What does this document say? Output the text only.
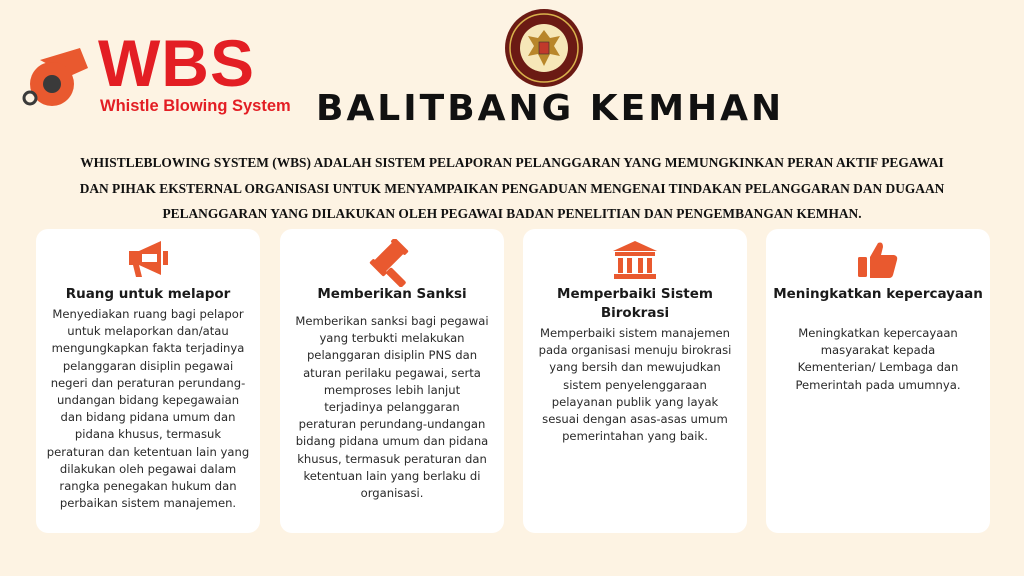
WBS
Whistle Blowing System BALITBANG KEMHAN
WHISTLEBLOWING SYSTEM (WBS) ADALAH SISTEM PELAPORAN PELANGGARAN YANG MEMUNGKINKAN PERAN AKTIF PEGAWAI
DAN PIHAK EKSTERNAL ORGANISASI UNTUK MENYAMPAIKAN PENGADUAN MENGENAI TINDAKAN PELANGGARAN DAN DUGAAN
PELANGGARAN YANG DILAKUKAN OLEH PEGAWAI BADAN PENELITIAN DAN PENGEMBANGAN KEMHAN.
Ruang untuk melapor
Menyediakan ruang bagi pelapor
untuk melaporkan dan/atau
mengungkapkan fakta terjadinya
pelanggaran disiplin pegawai
negeri dan peraturan perundang-
undangan bidang kepegawaian
dan bidang pidana umum dan
pidana khusus, termasuk
peraturan dan ketentuan lain yang
dilakukan oleh pegawai dalam
rangka penegakan hukum dan
perbaikan sistem manajemen.
Memberikan Sanksi
Memberikan sanksi bagi pegawai
yang terbukti melakukan
pelanggaran disiplin PNS dan
aturan perilaku pegawai, serta
memproses lebih lanjut
terjadinya pelanggaran
peraturan perundang-undangan
bidang pidana umum dan pidana
khusus, termasuk peraturan dan
ketentuan lain yang berlaku di
organisasi.
Memperbaiki Sistem
Birokrasi
Memperbaiki sistem manajemen
pada organisasi menuju birokrasi
yang bersih dan mewujudkan
sistem penyelenggaraan
pelayanan publik yang layak
sesuai dengan asas-asas umum
pemerintahan yang baik.
Meningkatkan kepercayaan
Meningkatkan kepercayaan
masyarakat kepada
Kementerian/ Lembaga dan
Pemerintah pada umumnya.
